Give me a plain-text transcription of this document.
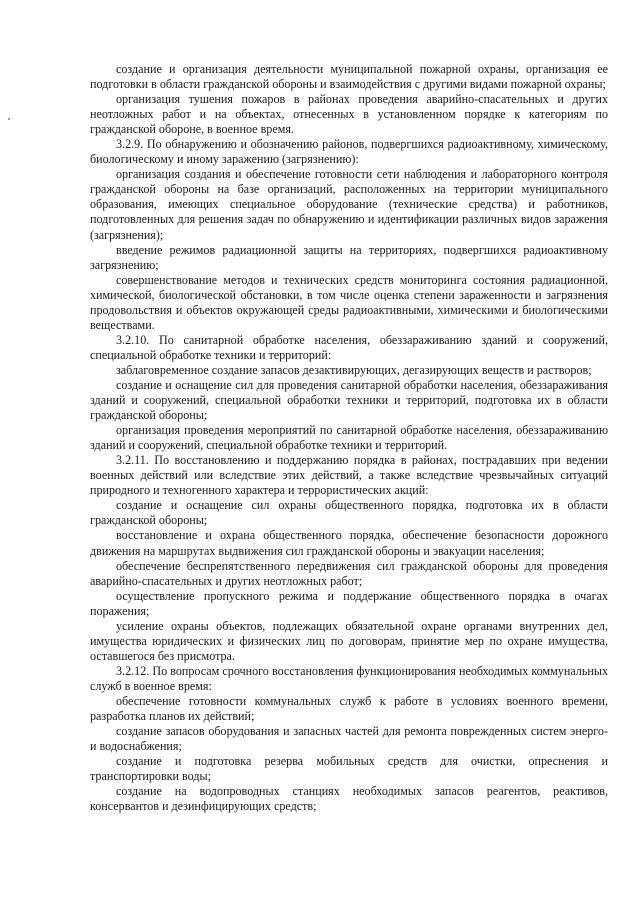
создание и организация деятельности муниципальной пожарной охраны, организация ее подготовки в области гражданской обороны и взаимодействия с другими видами пожарной охраны;

организация тушения пожаров в районах проведения аварийно-спасательных и других неотложных работ и на объектах, отнесенных в установленном порядке к категориям по гражданской обороне, в военное время.

3.2.9. По обнаружению и обозначению районов, подвергшихся радиоактивному, химическому, биологическому и иному заражению (загрязнению):

организация создания и обеспечение готовности сети наблюдения и лабораторного контроля гражданской обороны на базе организаций, расположенных на территории муниципального образования, имеющих специальное оборудование (технические средства) и работников, подготовленных для решения задач по обнаружению и идентификации различных видов заражения (загрязнения);

введение режимов радиационной защиты на территориях, подвергшихся радиоактивному загрязнению;

совершенствование методов и технических средств мониторинга состояния радиационной, химической, биологической обстановки, в том числе оценка степени зараженности и загрязнения продовольствия и объектов окружающей среды радиоактивными, химическими и биологическими веществами.

3.2.10. По санитарной обработке населения, обеззараживанию зданий и сооружений, специальной обработке техники и территорий:

заблаговременное создание запасов дезактивирующих, дегазирующих веществ и растворов;

создание и оснащение сил для проведения санитарной обработки населения, обеззараживания зданий и сооружений, специальной обработки техники и территорий, подготовка их в области гражданской обороны;

организация проведения мероприятий по санитарной обработке населения, обеззараживанию зданий и сооружений, специальной обработке техники и территорий.

3.2.11. По восстановлению и поддержанию порядка в районах, пострадавших при ведении военных действий или вследствие этих действий, а также вследствие чрезвычайных ситуаций природного и техногенного характера и террористических акций:

создание и оснащение сил охраны общественного порядка, подготовка их в области гражданской обороны;

восстановление и охрана общественного порядка, обеспечение безопасности дорожного движения на маршрутах выдвижения сил гражданской обороны и эвакуации населения;

обеспечение беспрепятственного передвижения сил гражданской обороны для проведения аварийно-спасательных и других неотложных работ;

осуществление пропускного режима и поддержание общественного порядка в очагах поражения;

усиление охраны объектов, подлежащих обязательной охране органами внутренних дел, имущества юридических и физических лиц по договорам, принятие мер по охране имущества, оставшегося без присмотра.

3.2.12. По вопросам срочного восстановления функционирования необходимых коммунальных служб в военное время:

обеспечение готовности коммунальных служб к работе в условиях военного времени, разработка планов их действий;

создание запасов оборудования и запасных частей для ремонта поврежденных систем энерго- и водоснабжения;

создание и подготовка резерва мобильных средств для очистки, опреснения и транспортировки воды;

создание на водопроводных станциях необходимых запасов реагентов, реактивов, консервантов и дезинфицирующих средств;
